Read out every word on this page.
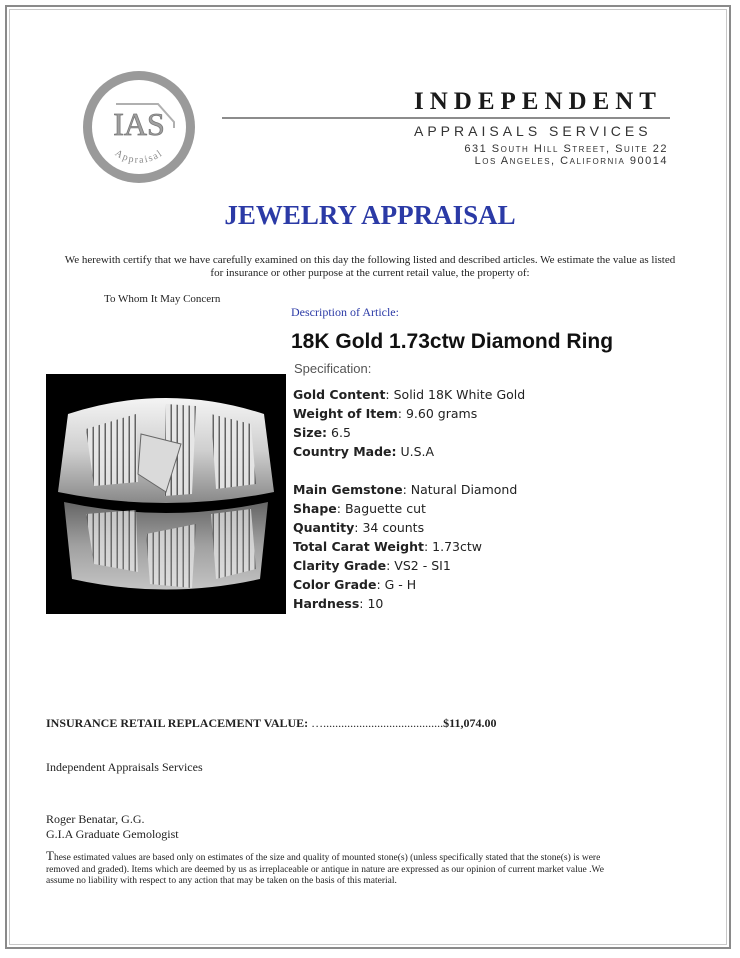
IAS
Appraisal
INDEPENDENT
APPRAISALS SERVICES
631 South Hill Street, Suite 22
Los Angeles, California 90014
JEWELRY APPRAISAL
We herewith certify that we have carefully examined on this day the following listed and described articles. We estimate the value as listed for insurance or other purpose at the current retail value, the property of:
To Whom It May Concern
Description of Article:
18K Gold 1.73ctw Diamond Ring
Specification:
Gold Content: Solid 18K White Gold
Weight of Item: 9.60 grams
Size: 6.5
Country Made: U.S.A
Main Gemstone: Natural Diamond
Shape: Baguette cut
Quantity: 34 counts
Total Carat Weight: 1.73ctw
Clarity Grade: VS2 - SI1
Color Grade: G - H
Hardness: 10
INSURANCE RETAIL REPLACEMENT VALUE: …........................................$11,074.00
Independent Appraisals Services
Roger Benatar, G.G.
G.I.A Graduate Gemologist
These estimated values are based only on estimates of the size and quality of mounted stone(s) (unless specifically stated that the stone(s) is were removed and graded). Items which are deemed by us as irreplaceable or antique in nature are expressed as our opinion of current market value .We assume no liability with respect to any action that may be taken on the basis of this material.
